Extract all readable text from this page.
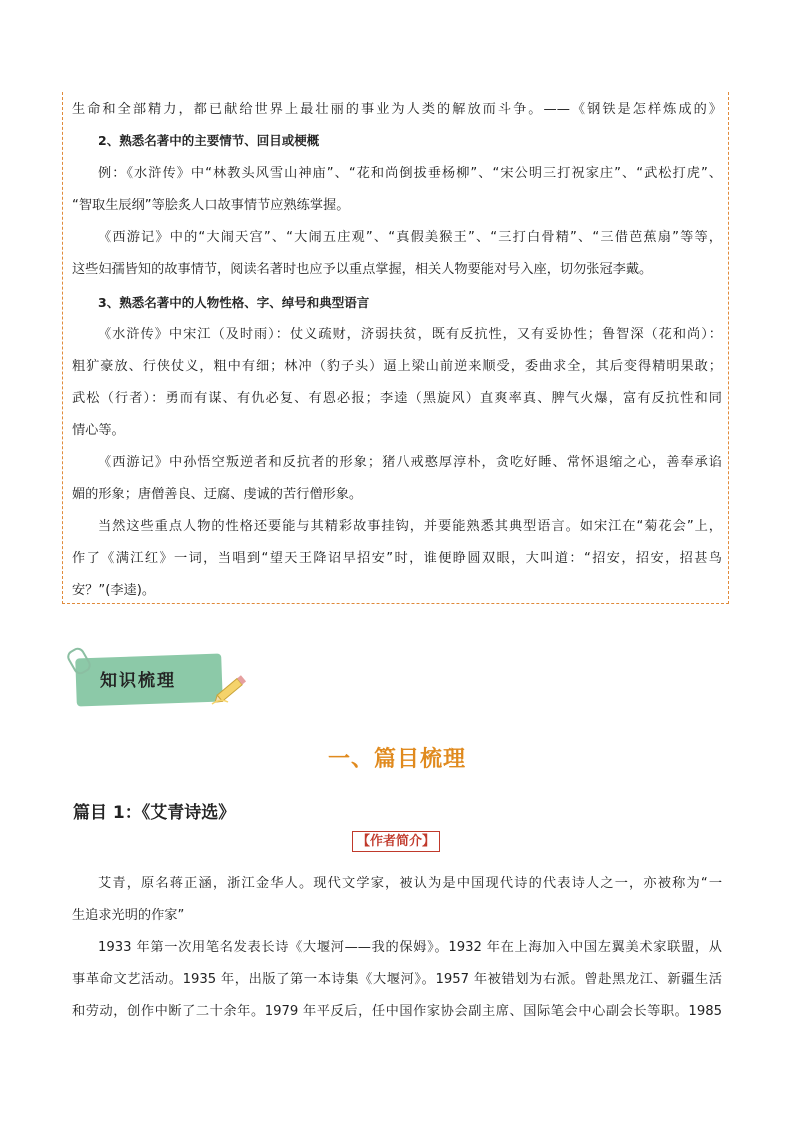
生命和全部精力，都已献给世界上最壮丽的事业为人类的解放而斗争。——《钢铁是怎样炼成的》
2、熟悉名著中的主要情节、回目或梗概
例：《水浒传》中“林教头风雪山神庙”、“花和尚倒拔垂杨柳”、“宋公明三打祝家庄”、“武松打虎”、
“智取生辰纲”等脍炙人口故事情节应熟练掌握。
《西游记》中的“大闹天宫”、“大闹五庄观”、“真假美猴王”、“三打白骨精”、“三借芭蕉扇”等等，
这些妇孺皆知的故事情节，阅读名著时也应予以重点掌握，相关人物要能对号入座，切勿张冠李戴。
3、熟悉名著中的人物性格、字、绰号和典型语言
《水浒传》中宋江（及时雨）：仗义疏财，济弱扶贫，既有反抗性，又有妥协性；鲁智深（花和尚）：
粗犷豪放、行侠仗义，粗中有细；林冲（豹子头）逼上梁山前逆来顺受，委曲求全，其后变得精明果敢；
武松（行者）：勇而有谋、有仇必复、有恩必报；李逵（黑旋风）直爽率真、脾气火爆，富有反抗性和同
情心等。
《西游记》中孙悟空叛逆者和反抗者的形象；猪八戒憨厚淳朴，贪吃好睡、常怀退缩之心，善奉承谄
媚的形象；唐僧善良、迂腐、虔诚的苦行僧形象。
当然这些重点人物的性格还要能与其精彩故事挂钩，并要能熟悉其典型语言。如宋江在“菊花会”上，
作了《满江红》一词，当唱到“望天王降诏早招安”时，谁便睁圆双眼，大叫道：“招安，招安，招甚鸟
安？”(李逵)。
知识梳理
一、篇目梳理
篇目 1：《艾青诗选》
【作者简介】
艾青，原名蒋正涵，浙江金华人。现代文学家，被认为是中国现代诗的代表诗人之一，亦被称为“一
生追求光明的作家”
1933 年第一次用笔名发表长诗《大堰河——我的保姆》。1932 年在上海加入中国左翼美术家联盟，从
事革命文艺活动。1935 年，出版了第一本诗集《大堰河》。1957 年被错划为右派。曾赴黑龙江、新疆生活
和劳动，创作中断了二十余年。1979 年平反后，任中国作家协会副主席、国际笔会中心副会长等职。1985
